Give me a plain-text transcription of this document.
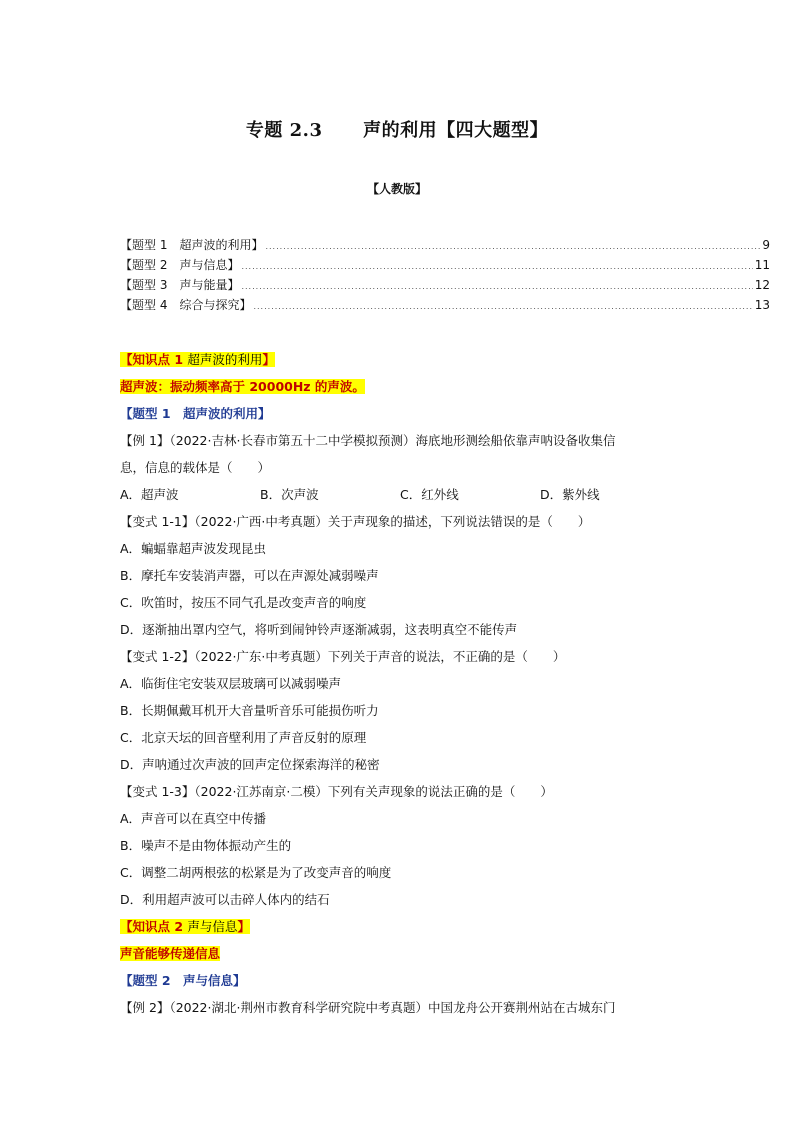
专题 2.3 声的利用【四大题型】
【人教版】
【题型 1　超声波的利用】 .....	9
【题型 2　声与信息】 .....	11
【题型 3　声与能量】 .....	12
【题型 4　综合与探究】 .....	13
【知识点 1 超声波的利用】
超声波：振动频率高于 20000Hz 的声波。
【题型 1　超声波的利用】
【例 1】（2022·吉林·长春市第五十二中学模拟预测）海底地形测绘船依靠声呐设备收集信
息，信息的载体是（　　）
A．超声波	B．次声波	C．红外线	D．紫外线
【变式 1-1】（2022·广西·中考真题）关于声现象的描述，下列说法错误的是（　　）
A．蝙蝠靠超声波发现昆虫
B．摩托车安装消声器，可以在声源处减弱噪声
C．吹笛时，按压不同气孔是改变声音的响度
D．逐渐抽出罩内空气，将听到闹钟铃声逐渐减弱，这表明真空不能传声
【变式 1-2】（2022·广东·中考真题）下列关于声音的说法，不正确的是（　　）
A．临街住宅安装双层玻璃可以减弱噪声
B．长期佩戴耳机开大音量听音乐可能损伤听力
C．北京天坛的回音壁利用了声音反射的原理
D．声呐通过次声波的回声定位探索海洋的秘密
【变式 1-3】（2022·江苏南京·二模）下列有关声现象的说法正确的是（　　）
A．声音可以在真空中传播
B．噪声不是由物体振动产生的
C．调整二胡两根弦的松紧是为了改变声音的响度
D．利用超声波可以击碎人体内的结石
【知识点 2 声与信息】
声音能够传递信息
【题型 2　声与信息】
【例 2】（2022·湖北·荆州市教育科学研究院中考真题）中国龙舟公开赛荆州站在古城东门
